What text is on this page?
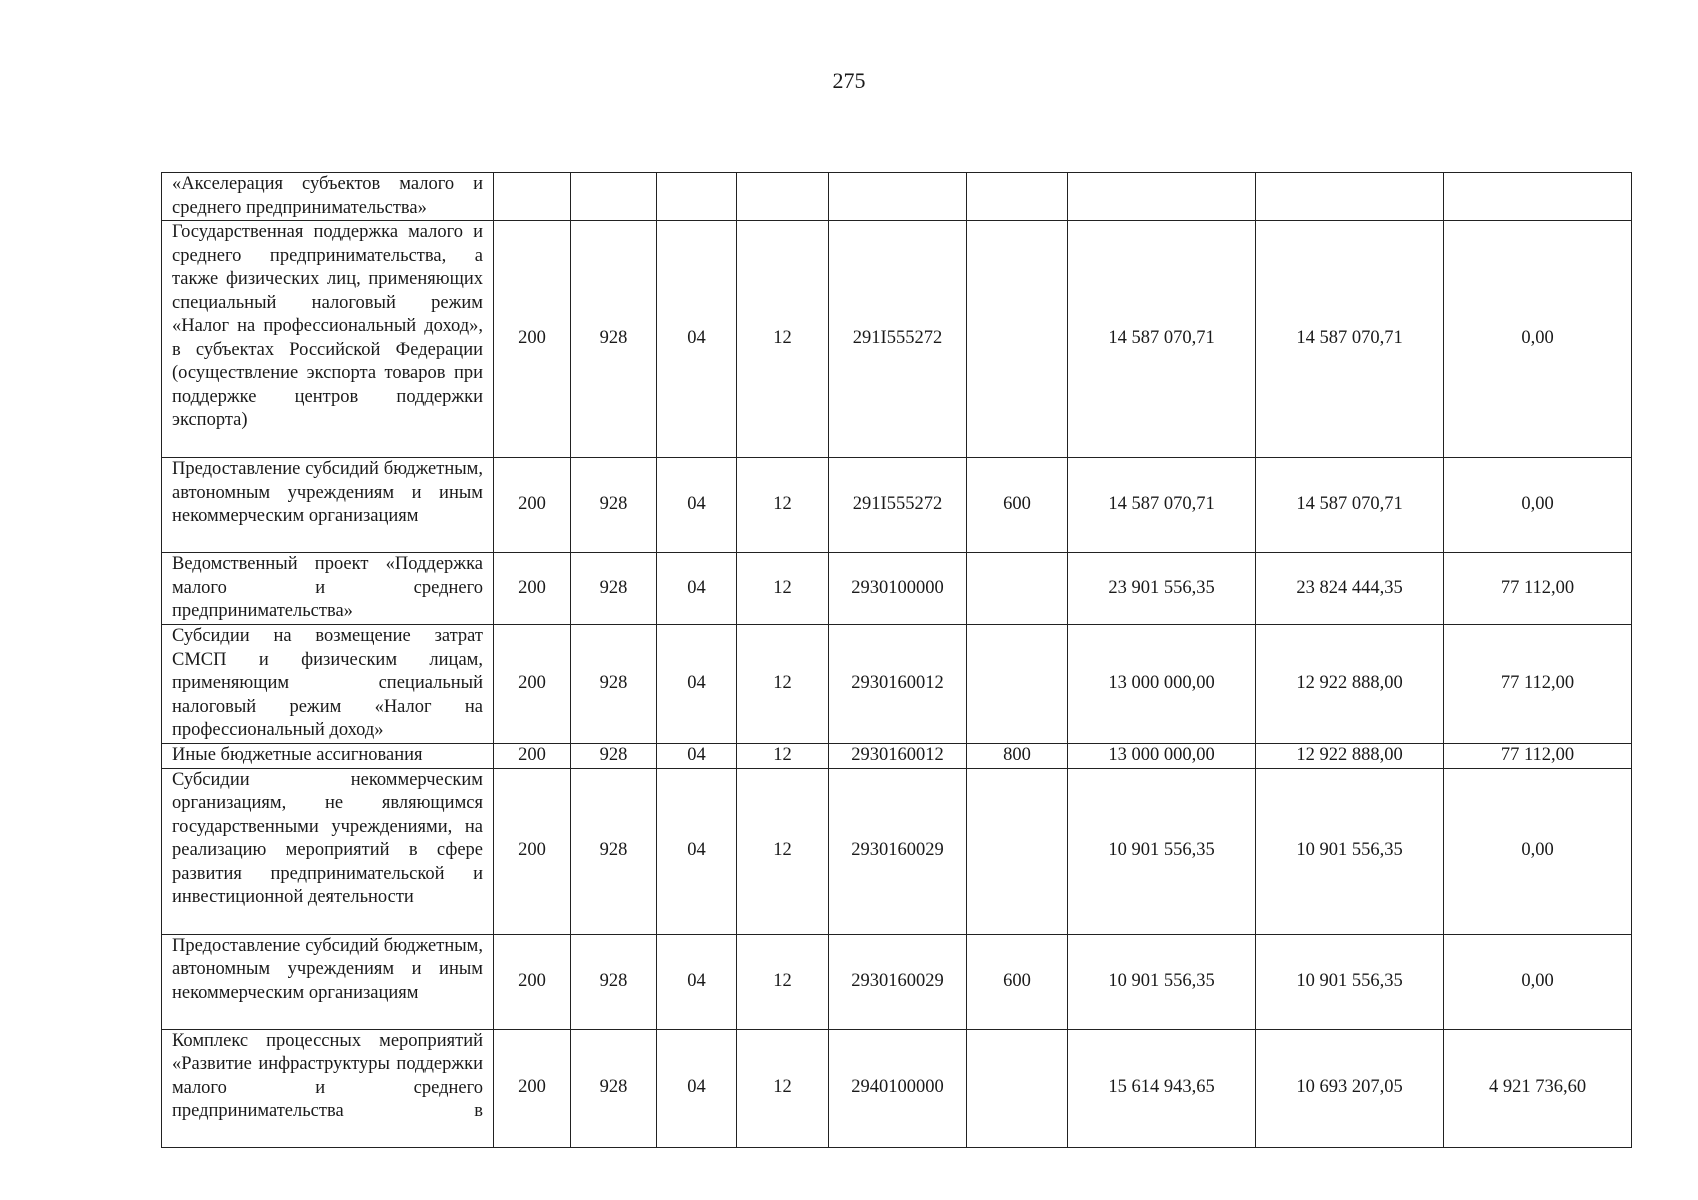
275
«Акселерация субъектов малого и среднего предпринимательства»									
Государственная поддержка малого и среднего предпринимательства, а также физических лиц, применяющих специальный налоговый режим «Налог на профессиональный доход», в субъектах Российской Федерации (осуществление экспорта товаров при поддержке центров поддержки экспорта)	200	928	04	12	291I555272		14 587 070,71	14 587 070,71	0,00
Предоставление субсидий бюджетным, автономным учреждениям и иным некоммерческим организациям	200	928	04	12	291I555272	600	14 587 070,71	14 587 070,71	0,00
Ведомственный проект «Поддержка малого и среднего предпринимательства»	200	928	04	12	2930100000		23 901 556,35	23 824 444,35	77 112,00
Субсидии на возмещение затрат СМСП и физическим лицам, применяющим специальный налоговый режим «Налог на профессиональный доход»	200	928	04	12	2930160012		13 000 000,00	12 922 888,00	77 112,00
Иные бюджетные ассигнования	200	928	04	12	2930160012	800	13 000 000,00	12 922 888,00	77 112,00
Субсидии некоммерческим организациям, не являющимся государственными учреждениями, на реализацию мероприятий в сфере развития предпринимательской и инвестиционной деятельности	200	928	04	12	2930160029		10 901 556,35	10 901 556,35	0,00
Предоставление субсидий бюджетным, автономным учреждениям и иным некоммерческим организациям	200	928	04	12	2930160029	600	10 901 556,35	10 901 556,35	0,00
Комплекс процессных мероприятий «Развитие инфраструктуры поддержки малого и среднего предпринимательства в	200	928	04	12	2940100000		15 614 943,65	10 693 207,05	4 921 736,60
